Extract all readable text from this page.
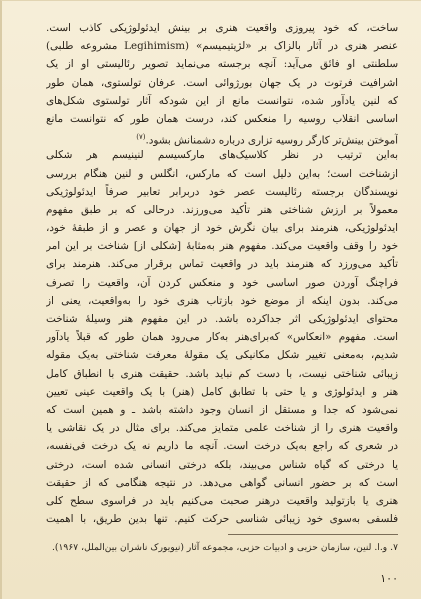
ساخت، که خود پیروزی واقعیت هنری بر بینش ایدئولوژیکی کاذب است.
عنصر هنری در آثار بالزاک بر «لژیتیمیسم» (Legihimism مشروعه طلبی)
سلطنتی او فائق می‌آید: آنچه برجسته می‌نماید تصویر رئالیستی او از یک
اشرافیت فرتوت در یک جهان بورژوائی است. عرفان تولستوی، همان طور
که لنین یادآور شده، نتوانست مانع از این شودکه آثار تولستوی شکل‌های
اساسی انقلاب روسیه را منعکس کند، درست همان طور که نتوانست مانع
آموختن بینش‌تر کارگر روسیه تزاری درباره دشمنانش بشود.$^{(۷)}$
به‌این ترتیب در نظر کلاسیک‌های مارکسیسم لنینیسم هر شکلی
ازشناخت است؛ به‌این دلیل است که مارکس، انگلس و لنین هنگام بررسی
نویسندگان برجسته رئالیست عصر خود دربرابر تعابیر صرفاً ایدئولوژیکی
معمولاً بر ارزش شناختی هنر تأکید می‌ورزند. درحالی که بر طبق مفهوم
ایدئولوژیکی، هنرمند برای بیان نگرش خود از جهان و عصر و از طبقهٔ خود،
خود را وقف واقعیت می‌کند. مفهوم هنر به‌مثابهٔ [شکلی از] شناخت بر این امر
تأکید می‌ورزد که هنرمند باید در واقعیت تماس برقرار می‌کند. هنرمند برای
فراچنگ آوردن صور اساسی خود و منعکس کردن آن، واقعیت را تصرف
می‌کند. بدون اینکه از موضع خود بازتاب هنری خود را به‌واقعیت، یعنی از
محتوای ایدئولوژیکی اثر جداکرده باشد. در این مفهوم هنر وسیلهٔ شناخت
است. مفهوم «انعکاس» که‌برای‌هنر به‌کار می‌رود همان طور که قبلاً یادآور
شدیم، به‌معنی تغییر شکل مکانیکی یک مقولهٔ معرفت شناختی به‌یک مقوله
زیبائی شناختی نیست، با دست کم نباید باشد. حقیقت هنری با انطباق کامل
هنر و ایدئولوژی و یا حتی با تطابق کامل (هنر) با یک واقعیت عینی تعیین
نمی‌شود که جدا و مستقل از انسان وجود داشته باشد ـ و همین است که
واقعیت هنری را از شناخت علمی متمایز می‌کند. برای مثال در یک نقاشی یا
در شعری که راجع به‌یک درخت است. آنچه ما داریم نه یک درخت فی‌نفسه،
یا درختی که گیاه شناس می‌بیند، بلکه درختی انسانی شده است، درختی
است که بر حضور انسانی گواهی می‌دهد. در نتیجه هنگامی که از حقیقت
هنری یا بازتولید واقعیت درهنر صحبت می‌کنیم باید در فراسوی سطح کلی
فلسفی به‌سوی خود زیبائی شناسی حرکت کنیم. تنها بدین طریق، با اهمیت
۷. و.ا. لنین، سازمان حزبی و ادبیات حزبی، مجموعه آثار (نیویورک ناشران بین‌الملل، ۱۹۶۷).
۱۰۰
